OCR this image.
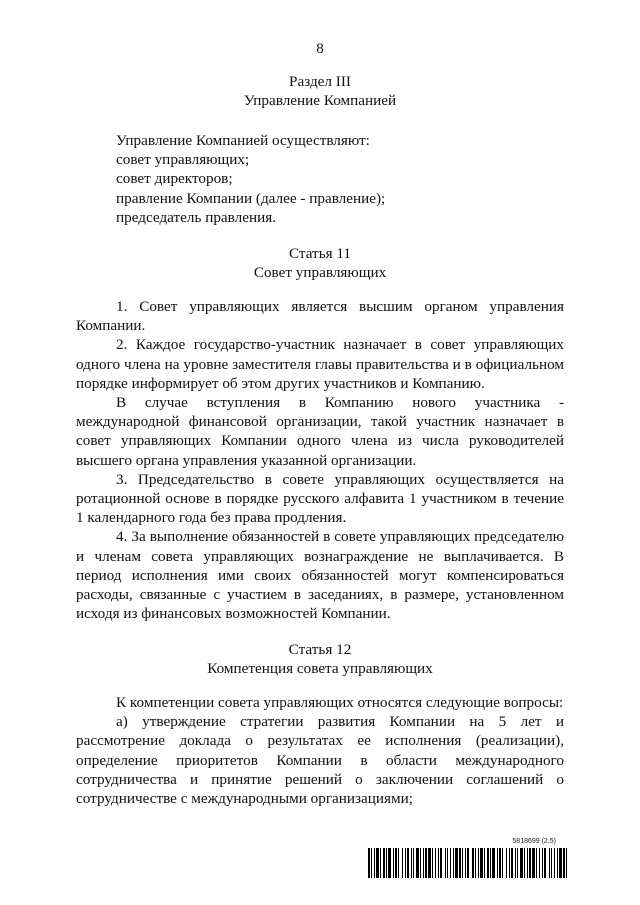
8
Раздел III
Управление Компанией
Управление Компанией осуществляют:
совет управляющих;
совет директоров;
правление Компании (далее - правление);
председатель правления.
Статья 11
Совет управляющих
1. Совет управляющих является высшим органом управления Компании.
2. Каждое государство-участник назначает в совет управляющих одного члена на уровне заместителя главы правительства и в официальном порядке информирует об этом других участников и Компанию.
В случае вступления в Компанию нового участника - международной финансовой организации, такой участник назначает в совет управляющих Компании одного члена из числа руководителей высшего органа управления указанной организации.
3. Председательство в совете управляющих осуществляется на ротационной основе в порядке русского алфавита 1 участником в течение 1 календарного года без права продления.
4. За выполнение обязанностей в совете управляющих председателю и членам совета управляющих вознаграждение не выплачивается. В период исполнения ими своих обязанностей могут компенсироваться расходы, связанные с участием в заседаниях, в размере, установленном исходя из финансовых возможностей Компании.
Статья 12
Компетенция совета управляющих
К компетенции совета управляющих относятся следующие вопросы:
а) утверждение стратегии развития Компании на 5 лет и рассмотрение доклада о результатах ее исполнения (реализации), определение приоритетов Компании в области международного сотрудничества и принятие решений о заключении соглашений о сотрудничестве с международными организациями;
5818699 (2.5)
